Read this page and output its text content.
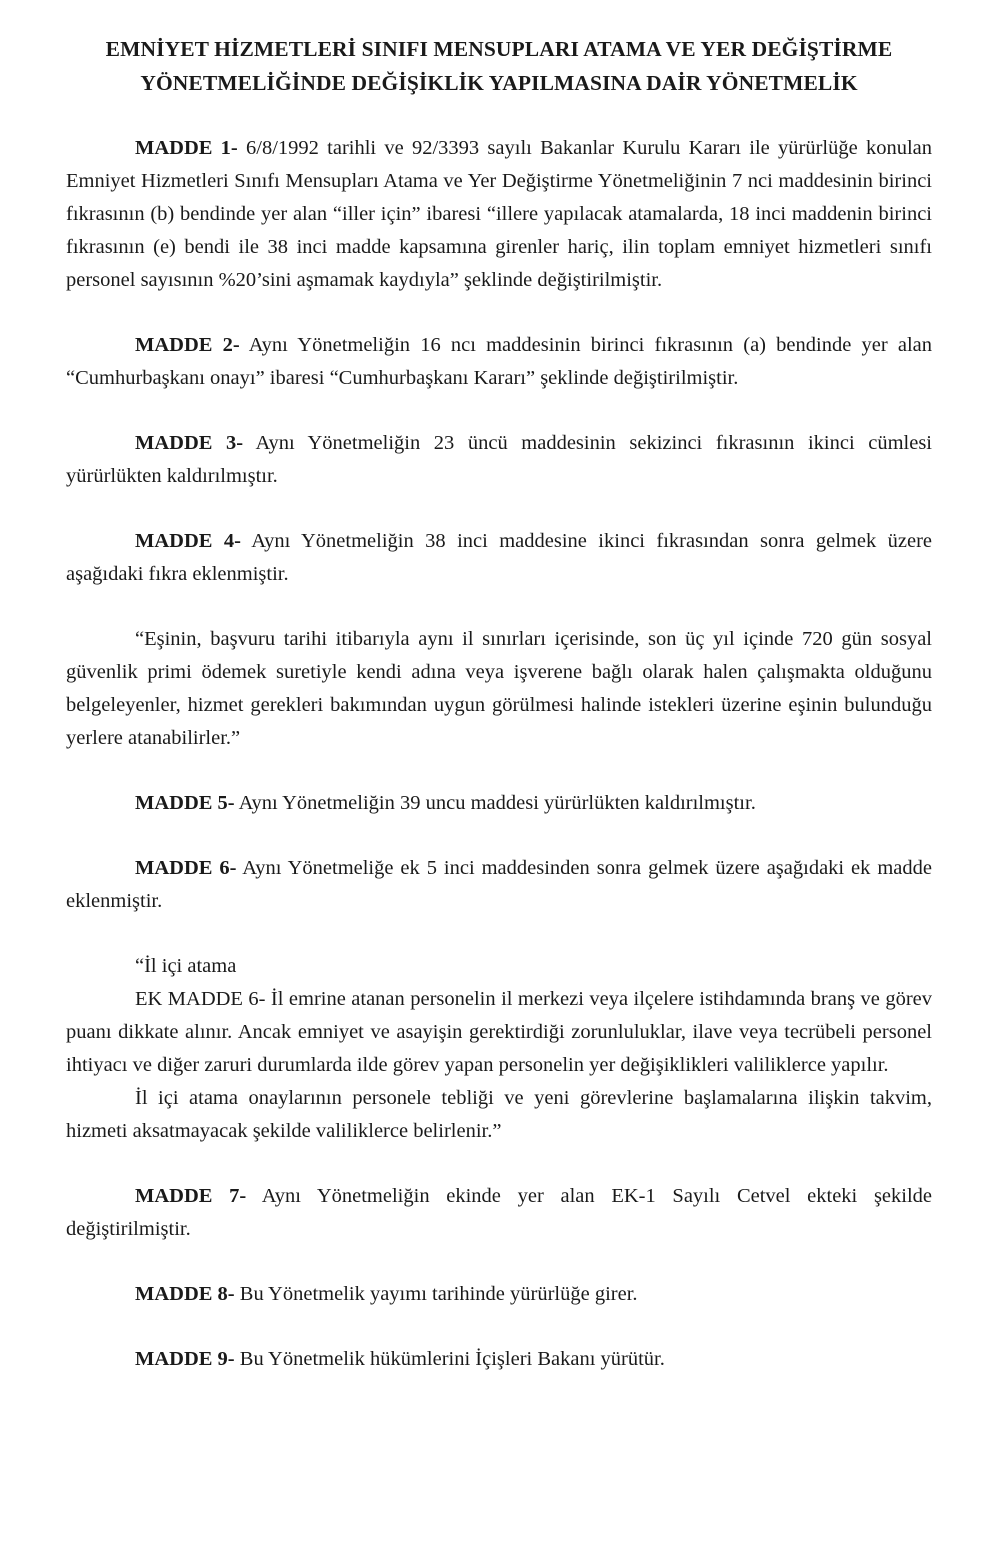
EMNİYET HİZMETLERİ SINIFI MENSUPLARI ATAMA VE YER DEĞİŞTİRME
YÖNETMELİĞİNDE DEĞİŞİKLİK YAPILMASINA DAİR YÖNETMELİK

MADDE 1- 6/8/1992 tarihli ve 92/3393 sayılı Bakanlar Kurulu Kararı ile yürürlüğe konulan Emniyet Hizmetleri Sınıfı Mensupları Atama ve Yer Değiştirme Yönetmeliğinin 7 nci maddesinin birinci fıkrasının (b) bendinde yer alan “iller için” ibaresi “illere yapılacak atamalarda, 18 inci maddenin birinci fıkrasının (e) bendi ile 38 inci madde kapsamına girenler hariç, ilin toplam emniyet hizmetleri sınıfı personel sayısının %20’sini aşmamak kaydıyla” şeklinde değiştirilmiştir.

MADDE 2- Aynı Yönetmeliğin 16 ncı maddesinin birinci fıkrasının (a) bendinde yer alan “Cumhurbaşkanı onayı” ibaresi “Cumhurbaşkanı Kararı” şeklinde değiştirilmiştir.

MADDE 3- Aynı Yönetmeliğin 23 üncü maddesinin sekizinci fıkrasının ikinci cümlesi yürürlükten kaldırılmıştır.

MADDE 4- Aynı Yönetmeliğin 38 inci maddesine ikinci fıkrasından sonra gelmek üzere aşağıdaki fıkra eklenmiştir.

“Eşinin, başvuru tarihi itibarıyla aynı il sınırları içerisinde, son üç yıl içinde 720 gün sosyal güvenlik primi ödemek suretiyle kendi adına veya işverene bağlı olarak halen çalışmakta olduğunu belgeleyenler, hizmet gerekleri bakımından uygun görülmesi halinde istekleri üzerine eşinin bulunduğu yerlere atanabilirler.”

MADDE 5- Aynı Yönetmeliğin 39 uncu maddesi yürürlükten kaldırılmıştır.

MADDE 6- Aynı Yönetmeliğe ek 5 inci maddesinden sonra gelmek üzere aşağıdaki ek madde eklenmiştir.

“İl içi atama

EK MADDE 6- İl emrine atanan personelin il merkezi veya ilçelere istihdamında branş ve görev puanı dikkate alınır. Ancak emniyet ve asayişin gerektirdiği zorunluluklar, ilave veya tecrübeli personel ihtiyacı ve diğer zaruri durumlarda ilde görev yapan personelin yer değişiklikleri valiliklerce yapılır.

İl içi atama onaylarının personele tebliği ve yeni görevlerine başlamalarına ilişkin takvim, hizmeti aksatmayacak şekilde valiliklerce belirlenir.”

MADDE 7- Aynı Yönetmeliğin ekinde yer alan EK-1 Sayılı Cetvel ekteki şekilde değiştirilmiştir.

MADDE 8- Bu Yönetmelik yayımı tarihinde yürürlüğe girer.

MADDE 9- Bu Yönetmelik hükümlerini İçişleri Bakanı yürütür.
